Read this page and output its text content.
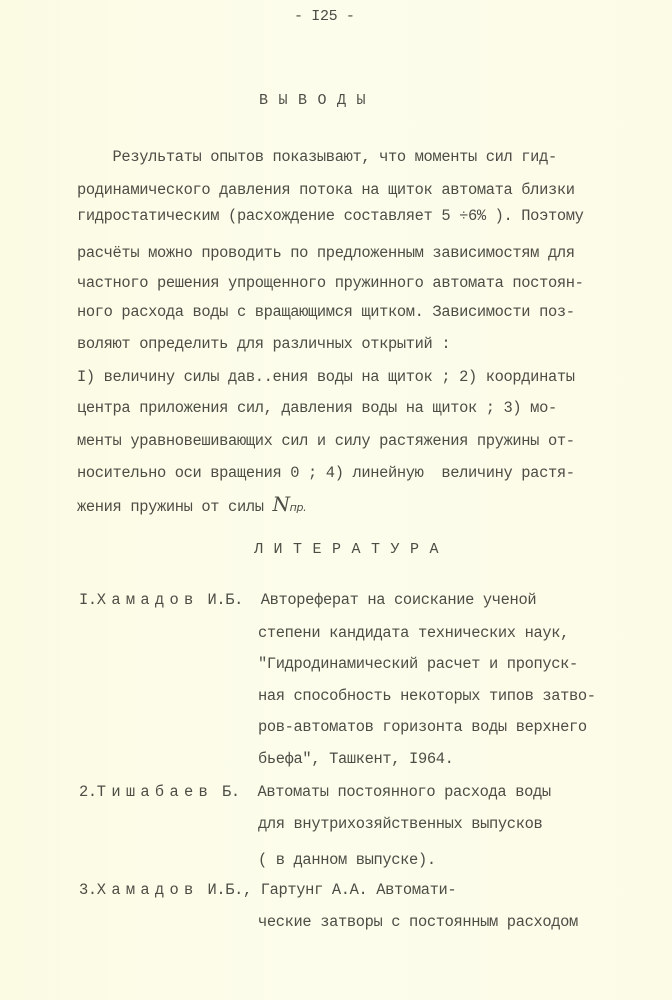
- I25 -
ВЫВОДЫ
Результаты опытов показывают, что моменты сил гид-
родинамического давления потока на щиток автомата близки
гидростатическим (расхождение составляет 5 ÷6% ). Поэтому
расчёты можно проводить по предложенным зависимостям для
частного решения упрощенного пружинного автомата постоян-
ного расхода воды с вращающимся щитком. Зависимости поз-
воляют определить для различных открытий :
I) величину силы дав..ения воды на щиток ; 2) координаты
центра приложения сил, давления воды на щиток ; 3) мо-
менты уравновешивающих сил и силу растяжения пружины от-
носительно оси вращения 0 ; 4) линейную  величину растя-
жения пружины от силы Nпр.
ЛИТЕРАТУРА
I.Хамадов И.Б.  Автореферат на соискание ученой
степени кандидата технических наук,
"Гидродинамический расчет и пропуск-
ная способность некоторых типов затво-
ров-автоматов горизонта воды верхнего
бьефа", Ташкент, I964.
2.Тишабаев Б.  Автоматы постоянного расхода воды
для внутрихозяйственных выпусков
( в данном выпуске).
3.Хамадов И.Б., Гартунг А.А. Автомати-
ческие затворы с постоянным расходом
